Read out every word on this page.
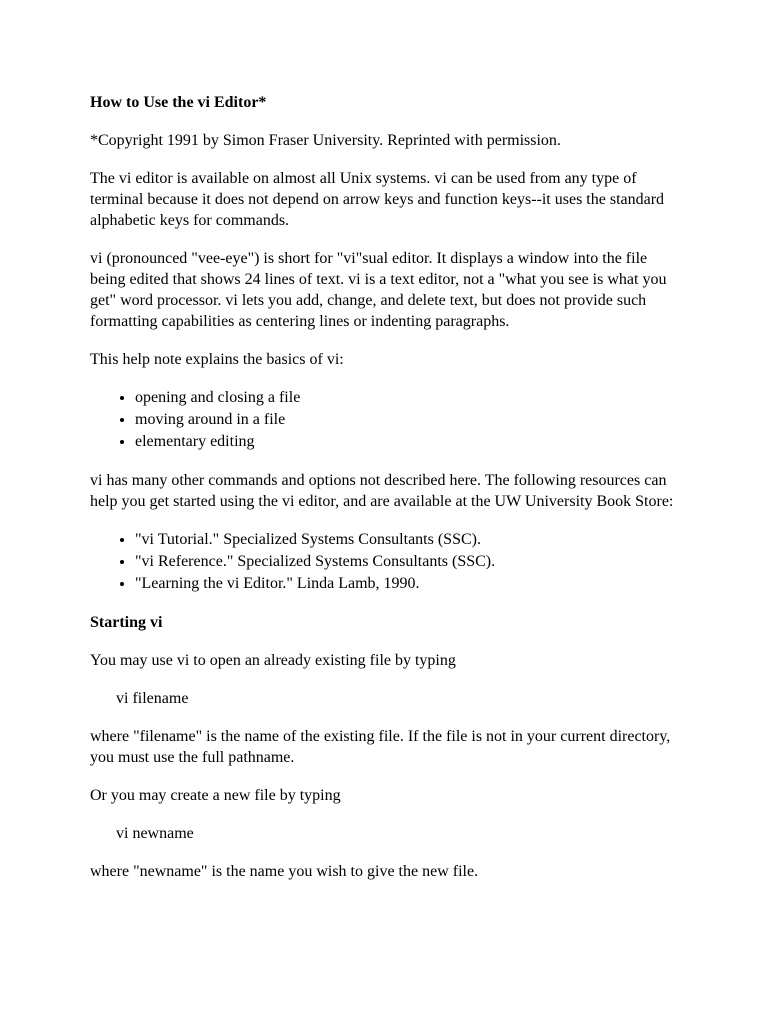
How to Use the vi Editor*

*Copyright 1991 by Simon Fraser University. Reprinted with permission.

The vi editor is available on almost all Unix systems. vi can be used from any type of terminal because it does not depend on arrow keys and function keys--it uses the standard alphabetic keys for commands.

vi (pronounced "vee-eye") is short for "vi"sual editor. It displays a window into the file being edited that shows 24 lines of text. vi is a text editor, not a "what you see is what you get" word processor. vi lets you add, change, and delete text, but does not provide such formatting capabilities as centering lines or indenting paragraphs.

This help note explains the basics of vi:

• opening and closing a file
• moving around in a file
• elementary editing

vi has many other commands and options not described here. The following resources can help you get started using the vi editor, and are available at the UW University Book Store:

• "vi Tutorial." Specialized Systems Consultants (SSC).
• "vi Reference." Specialized Systems Consultants (SSC).
• "Learning the vi Editor." Linda Lamb, 1990.

Starting vi

You may use vi to open an already existing file by typing

vi filename

where "filename" is the name of the existing file. If the file is not in your current directory, you must use the full pathname.

Or you may create a new file by typing

vi newname

where "newname" is the name you wish to give the new file.
